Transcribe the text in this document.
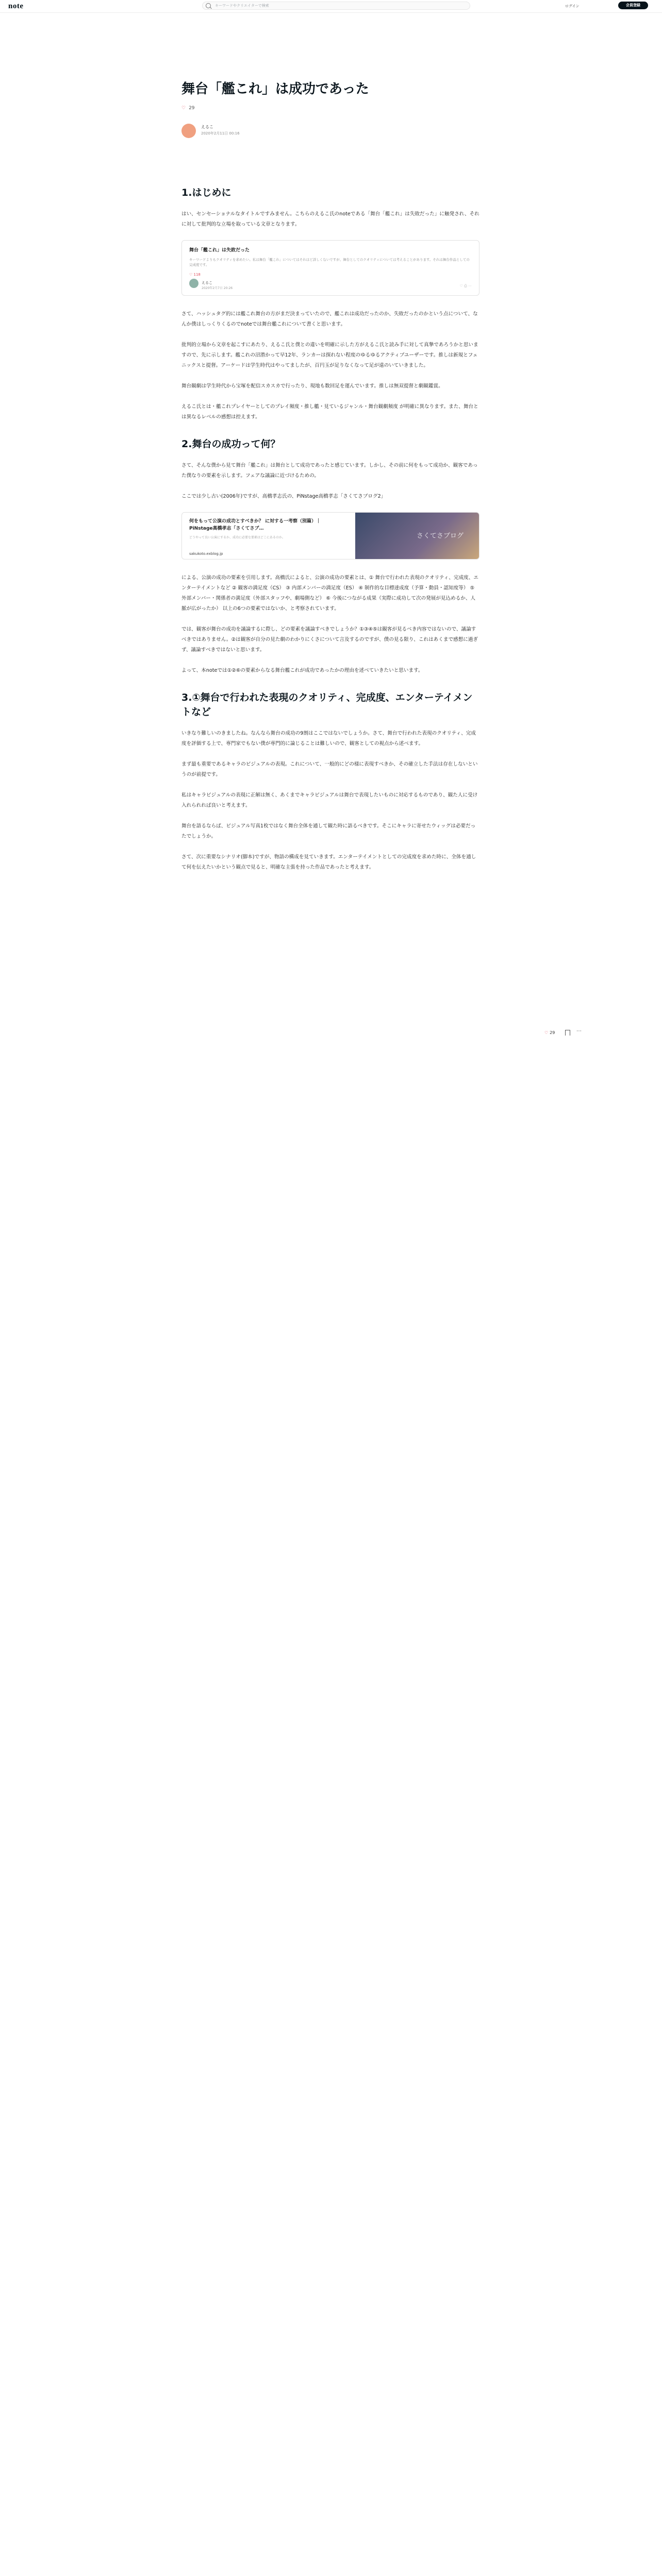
note	キーワードやクリエイターで検索	ログイン	会員登録
舞台「艦これ」は成功であった
♡ 29
えるこ
2020年2月11日 00:16
1.はじめに

はい、センセーショナルなタイトルですみません。こちらのえるこ氏のnoteである「舞台「艦これ」は失敗だった」に触発され、それに対して批判的な立場を取っている文章となります。

舞台「艦これ」は失敗だった
キーワードよりもクオリティを求めたい。私は舞台「艦これ」についてはそれほど詳しくないですが、舞台としてのクオリティについては考えることがあります。それは舞台作品としての完成度です。
♡ 118
えるこ
2020年2月7日 20:26
♡ ⎙ ⋯

さて、ハッシュタグ的には艦これ舞台の方がまだ決まっていたので、艦これは成功だったのか、失敗だったのかという点について、なんか僕はしっくりくるのでnoteでは舞台艦これについて書くと思います。

批判的立場から文章を起こすにあたり、えるこ氏と僕との違いを明確に示した方がえるこ氏と読み手に対して真摯であろうかと思いますので、先に示します。艦これの沼潜かって早12年、ランカーは探れない程度のゆるゆるアクティブユーザーです。推しは新規とフェニックスと提督。アーケードは学生時代はやってましたが、百円玉が足りなくなって足が遠のいていきました。

舞台観劇は学生時代から宝塚を配信スカスカで行ったり、現地も数回足を運んでいます。推しは無双提督と劇観鑑賞。

えるこ氏とは・艦これプレイヤーとしてのプレイ頻度・推し艦・見ているジャンル・舞台観劇頻度 が明確に異なります。また、舞台とは異なるレベルの感想は控えます。

2.舞台の成功って何？

さて、そんな僕から見て舞台「艦これ」は舞台として成功であったと感じています。しかし、その前に何をもって成功か、観客であった僕なりの要素を示します。フェアな議論に近づけるための。

ここでは少し古い(2006年)ですが、高橋孝志氏の、PiNstage高橋孝志「さくてさブログ2」

何をもって公演の成功とすべきか？ に対する一考察（別篇）｜PiNstage高橋孝志「さくてさブ…
どうやって良い公演にするか、成功に必要な要素はどこにあるのか。
sakukoto.exblog.jp
さくてさブログ

による、公演の成功の要素を引用します。高橋氏によると、公演の成功の要素とは、① 舞台で行われた表現のクオリティ、完成度、エンターテイメントなど ② 観客の満足度（CS） ③ 内部メンバーの満足度（ES） ④ 制作的な目標達成度（予算・動員・認知度等） ⑤ 外部メンバー・関係者の満足度（外部スタッフや、劇場側など） ⑥ 今後につながる成果（実際に成功して次の発展が見込めるか、人脈が広がったか） 以上の6つの要素ではないか、と考察されています。

では、観客が舞台の成功を議論するに際し、どの要素を議論すべきでしょうか？①③④⑤は観客が見るべき内容ではないので、議論すべきではありません。②は観客が自分の見た劇のわかりにくさについて言及するのですが、僕の見る限り、これはあくまで感想に過ぎず、議論すべきではないと思います。

よって、本noteでは①②⑥の要素からなる舞台艦これが成功であったかの理由を述べていきたいと思います。

3.①舞台で行われた表現のクオリティ、完成度、エンターテイメントなど

いきなり難しいのきましたね。なんなら舞台の成功の9割はここではないでしょうか。さて、舞台で行われた表現のクオリティ、完成度を評価する上で、専門家でもない僕が専門的に論じることは難しいので、観客としての視点から述べます。

まず最も重要であるキャラのビジュアルの表現。これについて、一般的にどの様に表現すべきか、その確立した手法は存在しないというのが前提です。

私はキャラビジュアルの表現に正解は無く、あくまでキャラビジュアルは舞台で表現したいものに対応するものであり、観た人に受け入れられれば良いと考えます。

舞台を語るならば、ビジュアル写真1枚ではなく舞台全体を通して観た時に語るべきです。そこにキャラに寄せたウィッグは必要だったでしょうか。

さて、次に重要なシナリオ(脚本)ですが、物語の構成を見ていきます。エンターテイメントとしての完成度を求めた時に、全体を通して何を伝えたいかという観点で見ると、明確な主張を持った作品であったと考えます。

♡ 29	⋯
